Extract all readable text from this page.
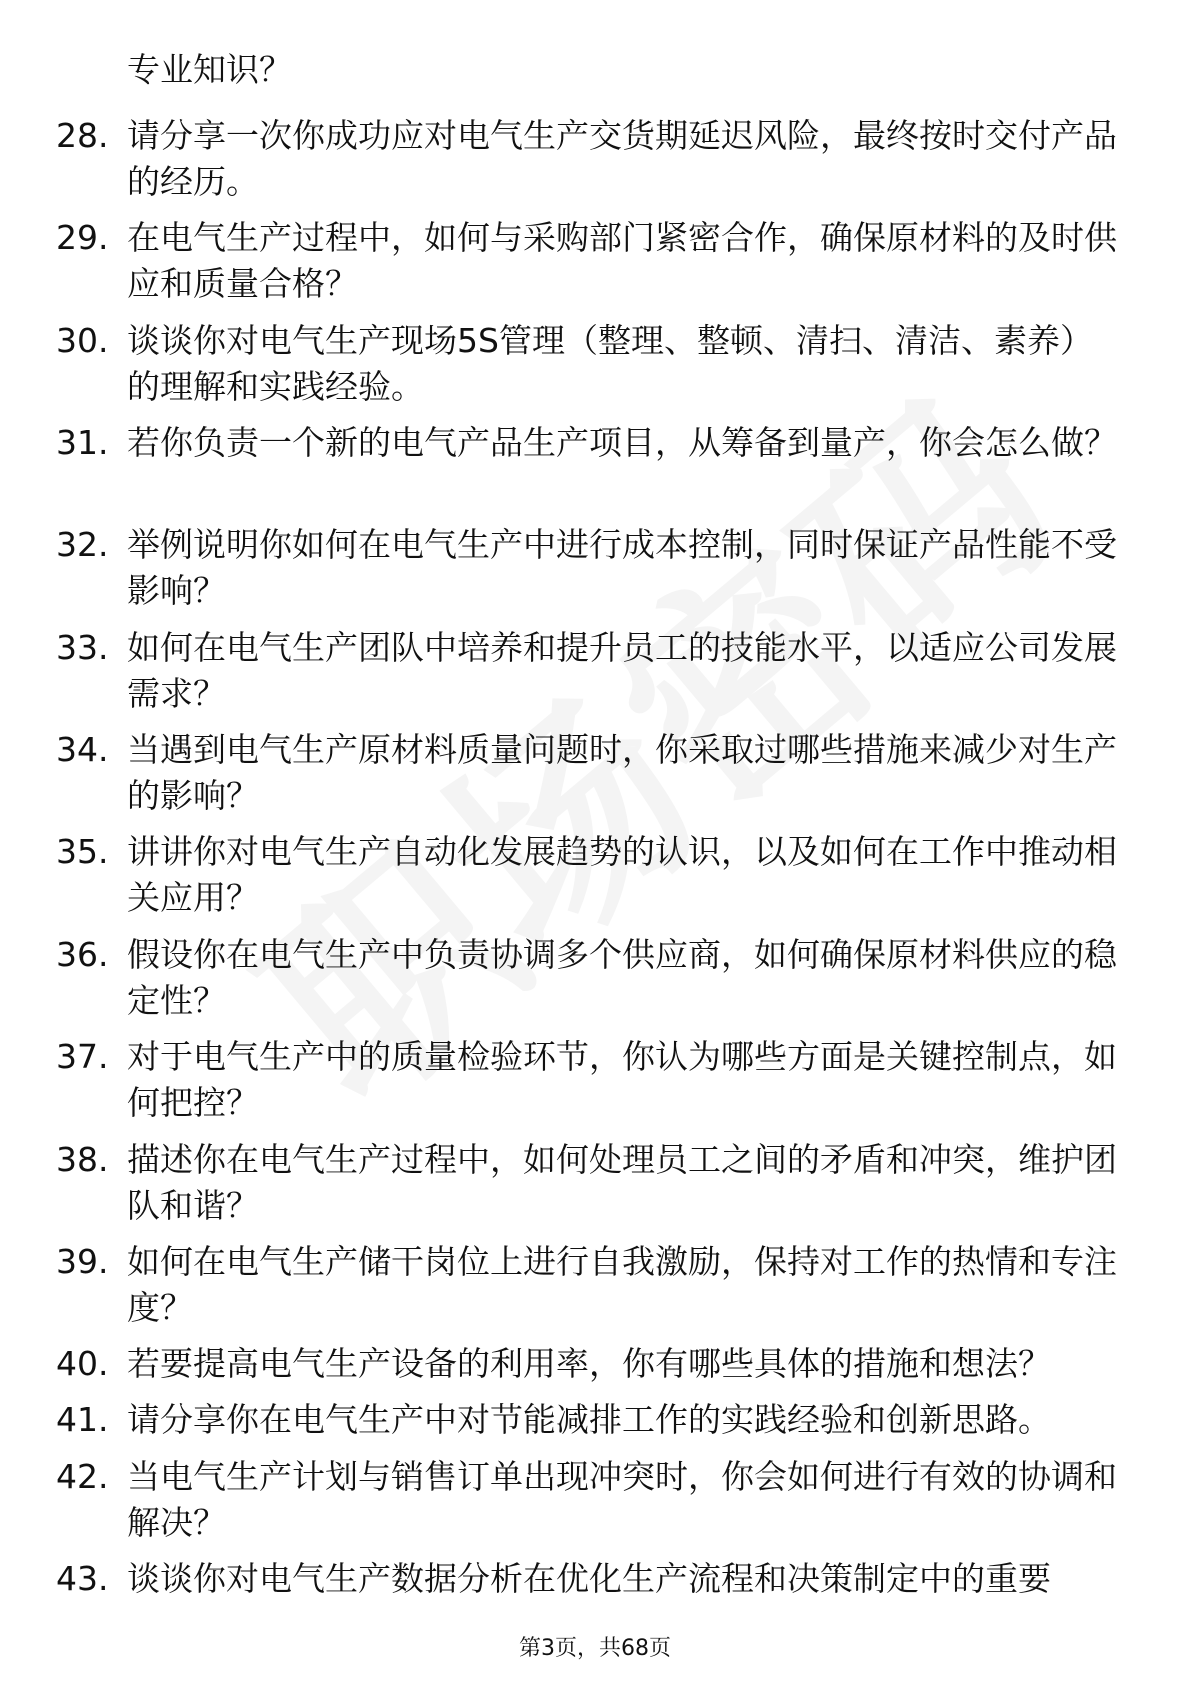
专业知识？
28. 请分享一次你成功应对电气生产交货期延迟风险，最终按时交付产品的经历。
29. 在电气生产过程中，如何与采购部门紧密合作，确保原材料的及时供应和质量合格？
30. 谈谈你对电气生产现场5S管理（整理、整顿、清扫、清洁、素养）的理解和实践经验。
31. 若你负责一个新的电气产品生产项目，从筹备到量产，你会怎么做？
32. 举例说明你如何在电气生产中进行成本控制，同时保证产品性能不受影响？
33. 如何在电气生产团队中培养和提升员工的技能水平，以适应公司发展需求？
34. 当遇到电气生产原材料质量问题时，你采取过哪些措施来减少对生产的影响？
35. 讲讲你对电气生产自动化发展趋势的认识，以及如何在工作中推动相关应用？
36. 假设你在电气生产中负责协调多个供应商，如何确保原材料供应的稳定性？
37. 对于电气生产中的质量检验环节，你认为哪些方面是关键控制点，如何把控？
38. 描述你在电气生产过程中，如何处理员工之间的矛盾和冲突，维护团队和谐？
39. 如何在电气生产储干岗位上进行自我激励，保持对工作的热情和专注度？
40. 若要提高电气生产设备的利用率，你有哪些具体的措施和想法？
41. 请分享你在电气生产中对节能减排工作的实践经验和创新思路。
42. 当电气生产计划与销售订单出现冲突时，你会如何进行有效的协调和解决？
43. 谈谈你对电气生产数据分析在优化生产流程和决策制定中的重要
第3页，共68页
